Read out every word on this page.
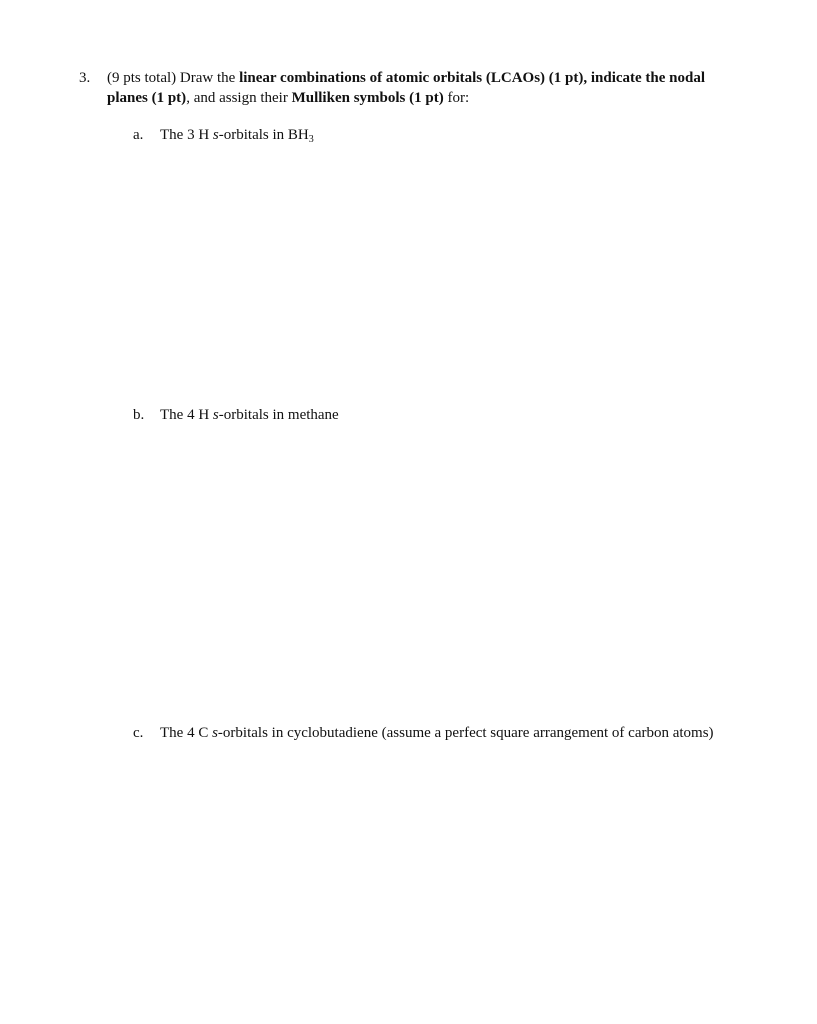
3. (9 pts total) Draw the linear combinations of atomic orbitals (LCAOs) (1 pt), indicate the nodal planes (1 pt), and assign their Mulliken symbols (1 pt) for:
a. The 3 H s-orbitals in $BH_3$
b. The 4 H s-orbitals in methane
c. The 4 C s-orbitals in cyclobutadiene (assume a perfect square arrangement of carbon atoms)
